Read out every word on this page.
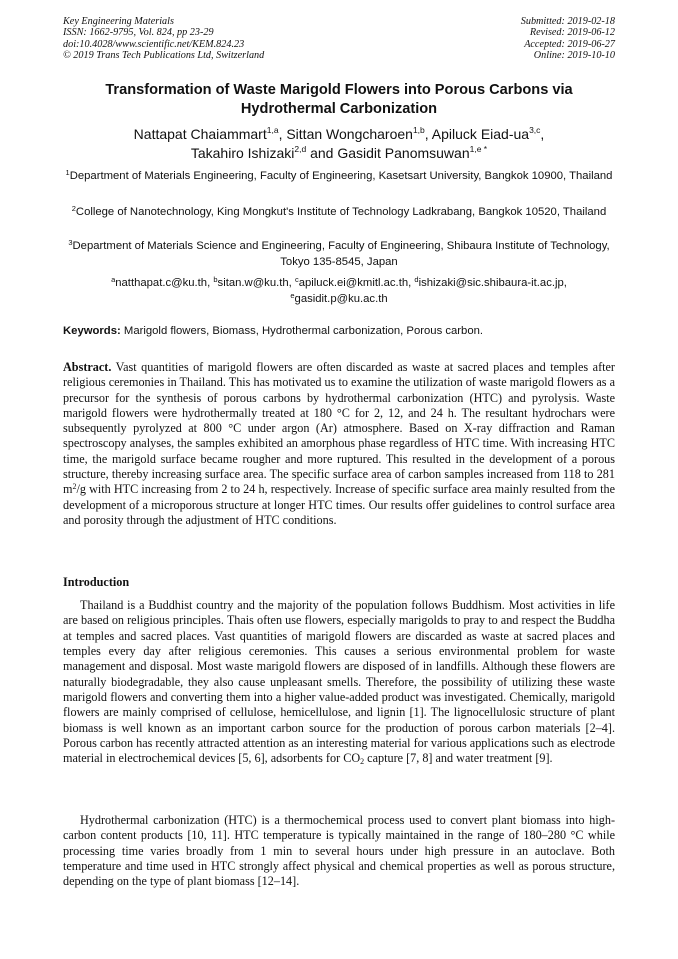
Key Engineering Materials
ISSN: 1662-9795, Vol. 824, pp 23-29
doi:10.4028/www.scientific.net/KEM.824.23
© 2019 Trans Tech Publications Ltd, Switzerland
Submitted: 2019-02-18
Revised: 2019-06-12
Accepted: 2019-06-27
Online: 2019-10-10
Transformation of Waste Marigold Flowers into Porous Carbons via
Hydrothermal Carbonization
Nattapat Chaiammart$^{1,a}$, Sittan Wongcharoen$^{1,b}$, Apiluck Eiad-ua$^{3,c}$,
Takahiro Ishizaki$^{2,d}$ and Gasidit Panomsuwan$^{1,e *}$
$^1$Department of Materials Engineering, Faculty of Engineering, Kasetsart University, Bangkok 10900, Thailand
$^2$College of Nanotechnology, King Mongkut's Institute of Technology Ladkrabang, Bangkok 10520, Thailand
$^3$Department of Materials Science and Engineering, Faculty of Engineering, Shibaura Institute of Technology, Tokyo 135-8545, Japan
$^a$natthapat.c@ku.th, $^b$sitan.w@ku.th, $^c$apiluck.ei@kmitl.ac.th, $^d$ishizaki@sic.shibaura-it.ac.jp,
$^e$gasidit.p@ku.ac.th
Keywords: Marigold flowers, Biomass, Hydrothermal carbonization, Porous carbon.
Abstract. Vast quantities of marigold flowers are often discarded as waste at sacred places and temples after religious ceremonies in Thailand. This has motivated us to examine the utilization of waste marigold flowers as a precursor for the synthesis of porous carbons by hydrothermal carbonization (HTC) and pyrolysis. Waste marigold flowers were hydrothermally treated at 180 °C for 2, 12, and 24 h. The resultant hydrochars were subsequently pyrolyzed at 800 °C under argon (Ar) atmosphere. Based on X-ray diffraction and Raman spectroscopy analyses, the samples exhibited an amorphous phase regardless of HTC time. With increasing HTC time, the marigold surface became rougher and more ruptured. This resulted in the development of a porous structure, thereby increasing surface area. The specific surface area of carbon samples increased from 118 to 281 $m^2/g$ with HTC increasing from 2 to 24 h, respectively. Increase of specific surface area mainly resulted from the development of a microporous structure at longer HTC times. Our results offer guidelines to control surface area and porosity through the adjustment of HTC conditions.
Introduction

Thailand is a Buddhist country and the majority of the population follows Buddhism. Most activities in life are based on religious principles. Thais often use flowers, especially marigolds to pray to and respect the Buddha at temples and sacred places. Vast quantities of marigold flowers are discarded as waste at sacred places and temples every day after religious ceremonies. This causes a serious environmental problem for waste management and disposal. Most waste marigold flowers are disposed of in landfills. Although these flowers are naturally biodegradable, they also cause unpleasant smells. Therefore, the possibility of utilizing these waste marigold flowers and converting them into a higher value-added product was investigated. Chemically, marigold flowers are mainly comprised of cellulose, hemicellulose, and lignin [1]. The lignocellulosic structure of plant biomass is well known as an important carbon source for the production of porous carbon materials [2–4]. Porous carbon has recently attracted attention as an interesting material for various applications such as electrode material in electrochemical devices [5, 6], adsorbents for $CO_2$ capture [7, 8] and water treatment [9].

Hydrothermal carbonization (HTC) is a thermochemical process used to convert plant biomass into high-carbon content products [10, 11]. HTC temperature is typically maintained in the range of 180–280 °C while processing time varies broadly from 1 min to several hours under high pressure in an autoclave. Both temperature and time used in HTC strongly affect physical and chemical properties as well as porous structure, depending on the type of plant biomass [12–14].
